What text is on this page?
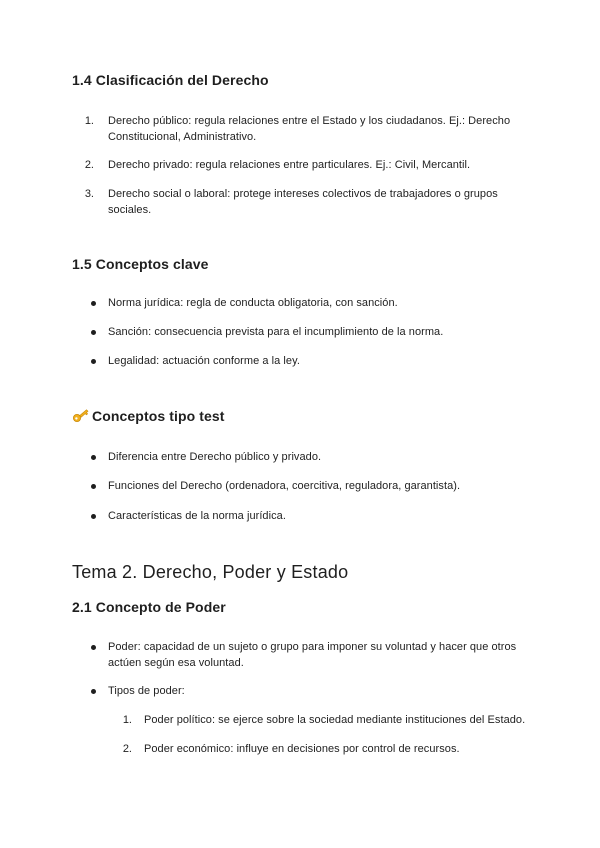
1.4 Clasificación del Derecho
1. Derecho público: regula relaciones entre el Estado y los ciudadanos. Ej.: Derecho
Constitucional, Administrativo.
2. Derecho privado: regula relaciones entre particulares. Ej.: Civil, Mercantil.
3. Derecho social o laboral: protege intereses colectivos de trabajadores o grupos
sociales.
1.5 Conceptos clave
Norma jurídica: regla de conducta obligatoria, con sanción.
Sanción: consecuencia prevista para el incumplimiento de la norma.
Legalidad: actuación conforme a la ley.
Conceptos tipo test
Diferencia entre Derecho público y privado.
Funciones del Derecho (ordenadora, coercitiva, reguladora, garantista).
Características de la norma jurídica.
Tema 2. Derecho, Poder y Estado
2.1 Concepto de Poder
Poder: capacidad de un sujeto o grupo para imponer su voluntad y hacer que otros
actúen según esa voluntad.
Tipos de poder:
1. Poder político: se ejerce sobre la sociedad mediante instituciones del Estado.
2. Poder económico: influye en decisiones por control de recursos.
